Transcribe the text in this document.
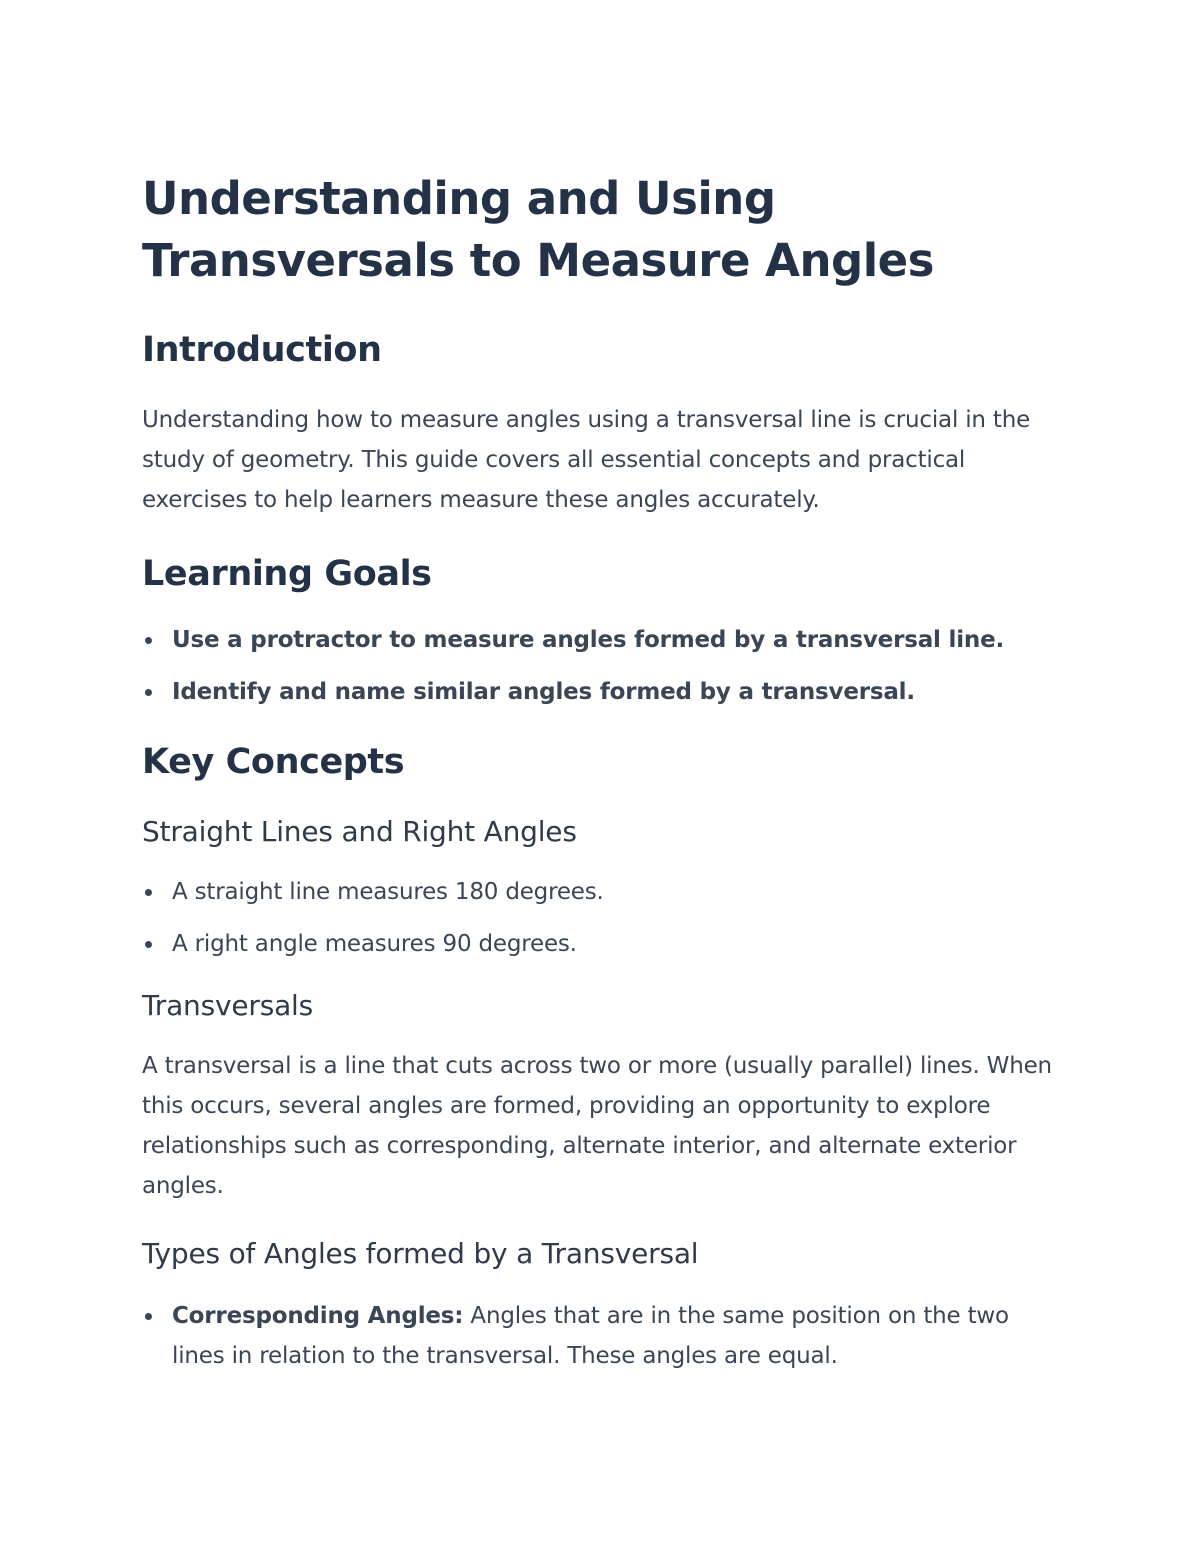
Understanding and Using Transversals to Measure Angles
Introduction

Understanding how to measure angles using a transversal line is crucial in the study of geometry. This guide covers all essential concepts and practical exercises to help learners measure these angles accurately.

Learning Goals
Use a protractor to measure angles formed by a transversal line.
Identify and name similar angles formed by a transversal.
Key Concepts
Straight Lines and Right Angles
A straight line measures 180 degrees.
A right angle measures 90 degrees.
Transversals

A transversal is a line that cuts across two or more (usually parallel) lines. When this occurs, several angles are formed, providing an opportunity to explore relationships such as corresponding, alternate interior, and alternate exterior angles.

Types of Angles formed by a Transversal
Corresponding Angles: Angles that are in the same position on the two lines in relation to the transversal. These angles are equal.
